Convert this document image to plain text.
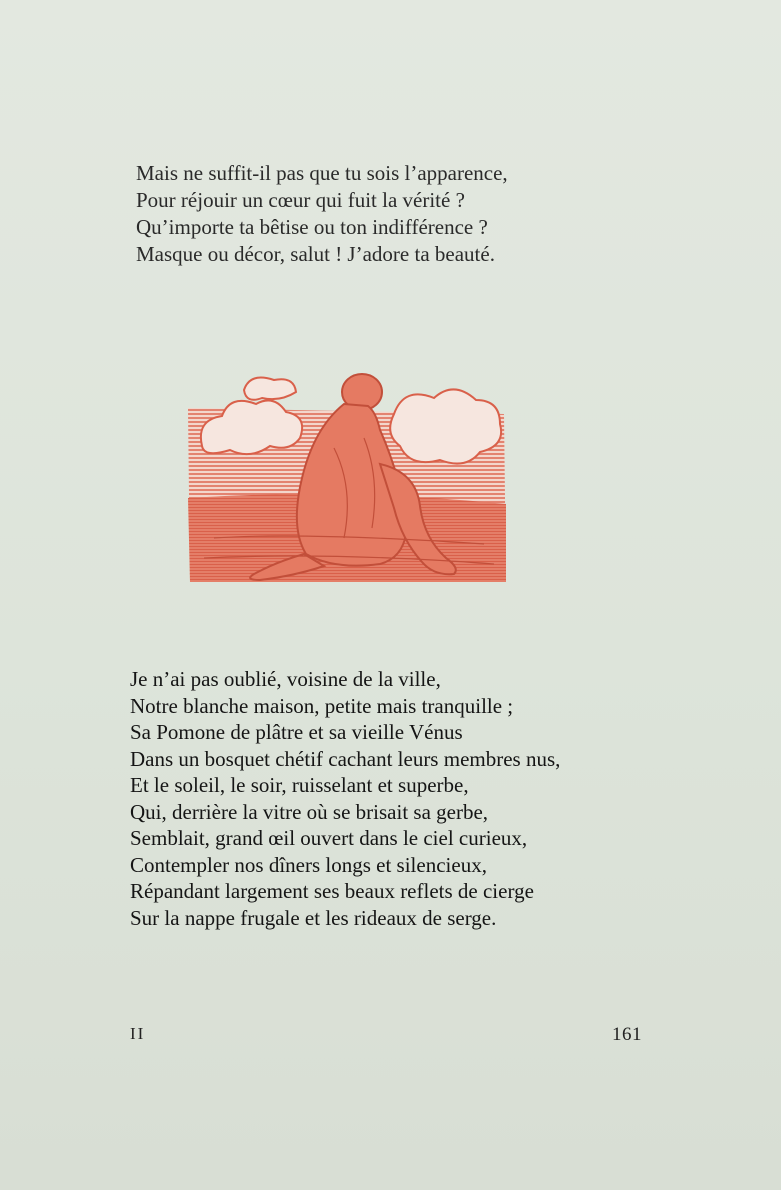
Mais ne suffit-il pas que tu sois l’apparence,
Pour réjouir un cœur qui fuit la vérité ?
Qu’importe ta bêtise ou ton indifférence ?
Masque ou décor, salut ! J’adore ta beauté.
Je n’ai pas oublié, voisine de la ville,
Notre blanche maison, petite mais tranquille ;
Sa Pomone de plâtre et sa vieille Vénus
Dans un bosquet chétif cachant leurs membres nus,
Et le soleil, le soir, ruisselant et superbe,
Qui, derrière la vitre où se brisait sa gerbe,
Semblait, grand œil ouvert dans le ciel curieux,
Contempler nos dîners longs et silencieux,
Répandant largement ses beaux reflets de cierge
Sur la nappe frugale et les rideaux de serge.
II	161
